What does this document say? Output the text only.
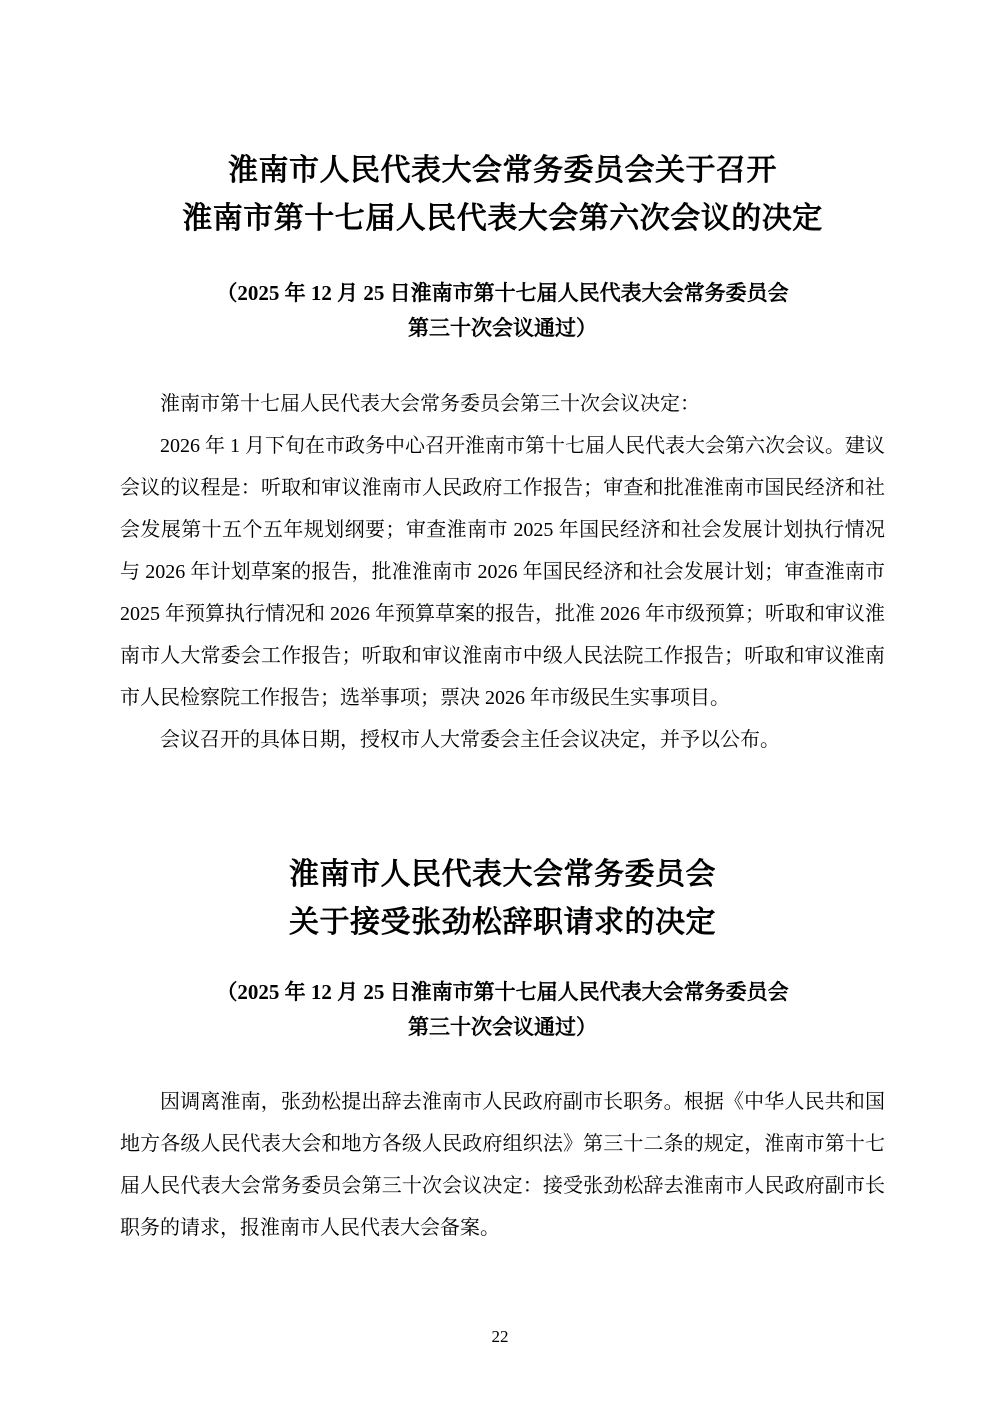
淮南市人民代表大会常务委员会关于召开
淮南市第十七届人民代表大会第六次会议的决定
（2025 年 12 月 25 日淮南市第十七届人民代表大会常务委员会
第三十次会议通过）

淮南市第十七届人民代表大会常务委员会第三十次会议决定：

2026 年 1 月下旬在市政务中心召开淮南市第十七届人民代表大会第六次会议。建议会议的议程是：听取和审议淮南市人民政府工作报告；审查和批准淮南市国民经济和社会发展第十五个五年规划纲要；审查淮南市 2025 年国民经济和社会发展计划执行情况与 2026 年计划草案的报告，批准淮南市 2026 年国民经济和社会发展计划；审查淮南市 2025 年预算执行情况和 2026 年预算草案的报告，批准 2026 年市级预算；听取和审议淮南市人大常委会工作报告；听取和审议淮南市中级人民法院工作报告；听取和审议淮南市人民检察院工作报告；选举事项；票决 2026 年市级民生实事项目。

会议召开的具体日期，授权市人大常委会主任会议决定，并予以公布。

淮南市人民代表大会常务委员会
关于接受张劲松辞职请求的决定
（2025 年 12 月 25 日淮南市第十七届人民代表大会常务委员会
第三十次会议通过）

因调离淮南，张劲松提出辞去淮南市人民政府副市长职务。根据《中华人民共和国地方各级人民代表大会和地方各级人民政府组织法》第三十二条的规定，淮南市第十七届人民代表大会常务委员会第三十次会议决定：接受张劲松辞去淮南市人民政府副市长职务的请求，报淮南市人民代表大会备案。

22
